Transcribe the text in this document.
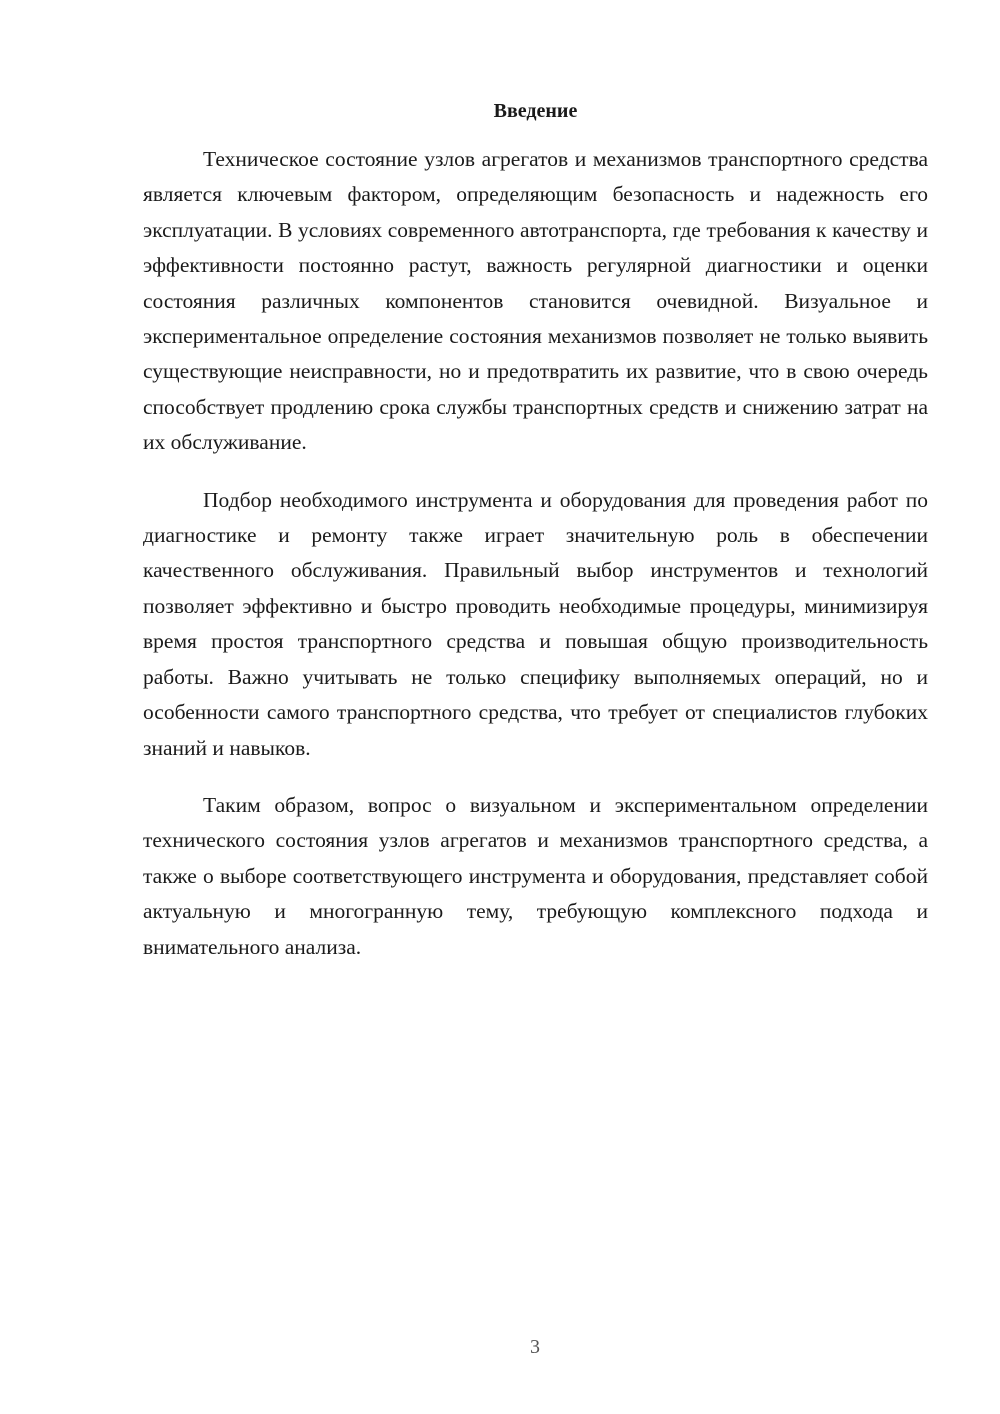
Введение

Техническое состояние узлов агрегатов и механизмов транспортного средства является ключевым фактором, определяющим безопасность и надежность его эксплуатации. В условиях современного автотранспорта, где требования к качеству и эффективности постоянно растут, важность регулярной диагностики и оценки состояния различных компонентов становится очевидной. Визуальное и экспериментальное определение состояния механизмов позволяет не только выявить существующие неисправности, но и предотвратить их развитие, что в свою очередь способствует продлению срока службы транспортных средств и снижению затрат на их обслуживание.

Подбор необходимого инструмента и оборудования для проведения работ по диагностике и ремонту также играет значительную роль в обеспечении качественного обслуживания. Правильный выбор инструментов и технологий позволяет эффективно и быстро проводить необходимые процедуры, минимизируя время простоя транспортного средства и повышая общую производительность работы. Важно учитывать не только специфику выполняемых операций, но и особенности самого транспортного средства, что требует от специалистов глубоких знаний и навыков.

Таким образом, вопрос о визуальном и экспериментальном определении технического состояния узлов агрегатов и механизмов транспортного средства, а также о выборе соответствующего инструмента и оборудования, представляет собой актуальную и многогранную тему, требующую комплексного подхода и внимательного анализа.

3
